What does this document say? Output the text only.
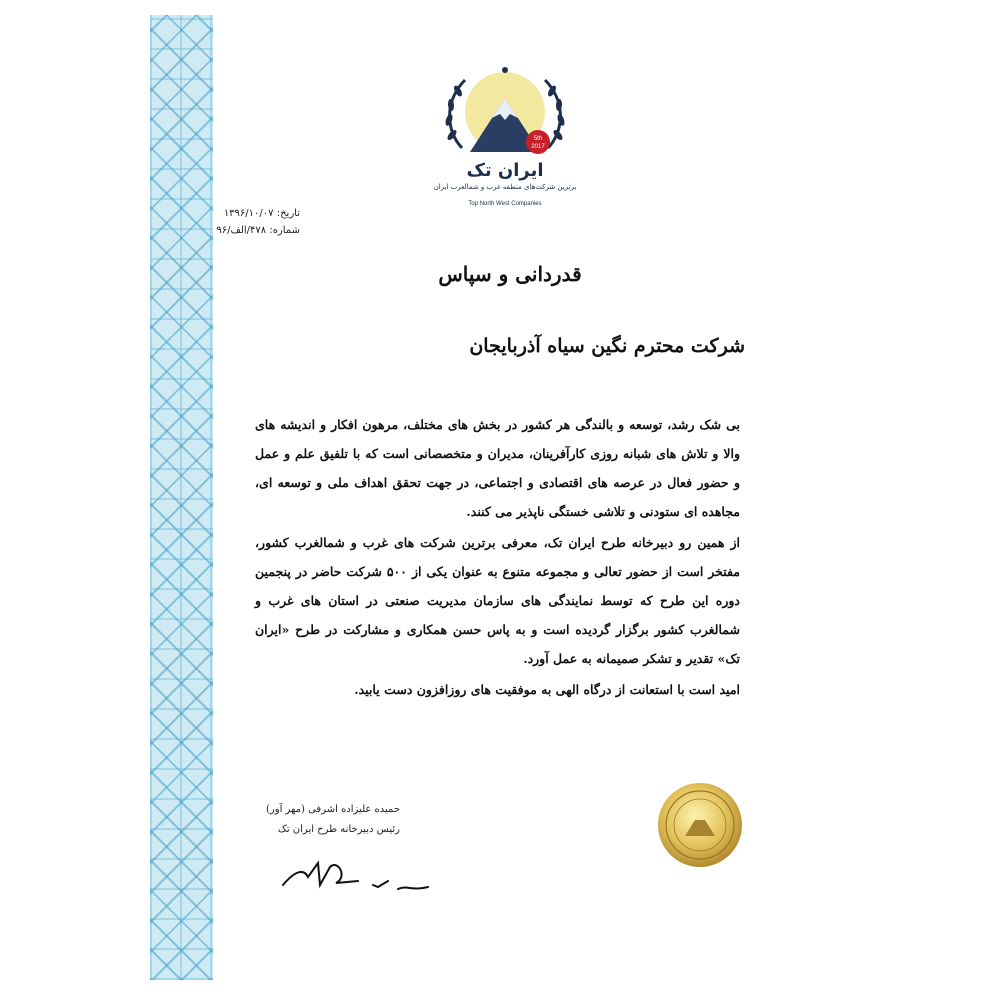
5th
2017
ایران تک
برترین شرکت‌های منطقه غرب و شمالغرب ایران
Top North West Companies
تاریخ: ۱۳۹۶/۱۰/۰۷
شماره: ۴۷۸/الف/۹۶
قدردانی و سپاس
شرکت محترم نگین سیاه آذربایجان

بی شک رشد، توسعه و بالندگی هر کشور در بخش های مختلف، مرهون افکار و اندیشه های والا و تلاش های شبانه روزی کارآفرینان، مدیران و متخصصانی است که با تلفیق علم و عمل و حضور فعال در عرصه های اقتصادی و اجتماعی، در جهت تحقق اهداف ملی و توسعه ای، مجاهده ای ستودنی و تلاشی خستگی ناپذیر می کنند.

از همین رو دبیرخانه طرح ایران تک، معرفی برترین شرکت های غرب و شمالغرب کشور، مفتخر است از حضور تعالی و مجموعه متنوع به عنوان یکی از ۵۰۰ شرکت حاضر در پنجمین دوره این طرح که توسط نمایندگی های سازمان مدیریت صنعتی در استان های غرب و شمالغرب کشور برگزار گردیده است و به پاس حسن همکاری و مشارکت در طرح «ایران تک» تقدیر و تشکر صمیمانه به عمل آورد.

امید است با استعانت از درگاه الهی به موفقیت های روزافزون دست یابید.

حمیده علیزاده اشرفی (مهر آور)
رئیس دبیرخانه طرح ایران تک
